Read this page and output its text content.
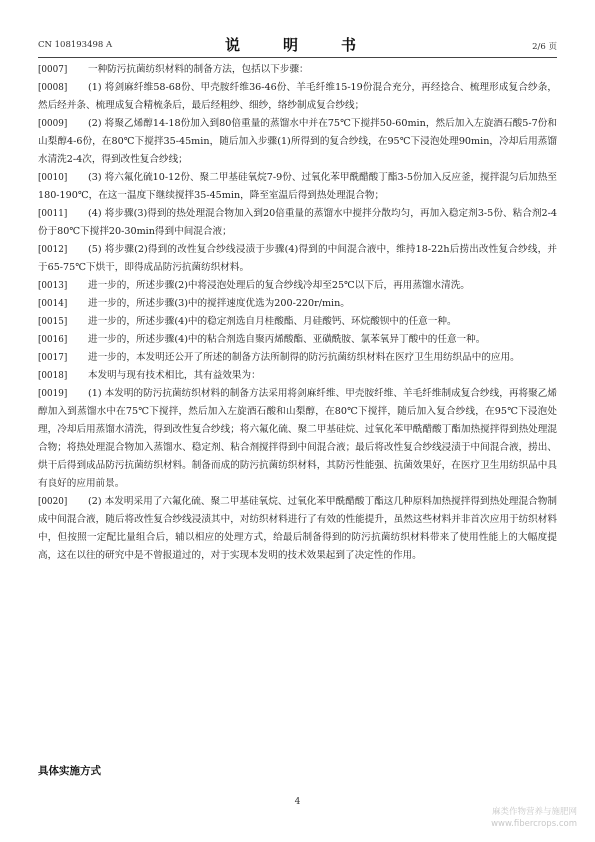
CN 108193498 A	说　明　书	2/6 页
[0007] 一种防污抗菌纺织材料的制备方法，包括以下步骤：
[0008] (1) 将剑麻纤维58-68份、甲壳胺纤维36-46份、羊毛纤维15-19份混合充分，再经捻合、梳理形成复合纱条，然后经并条、梳理成复合精梳条后，最后经粗纱、细纱，络纱制成复合纱线；
[0009] (2) 将聚乙烯醇14-18份加入到80倍重量的蒸馏水中并在75℃下搅拌50-60min，然后加入左旋酒石酸5-7份和山梨醇4-6份，在80℃下搅拌35-45min，随后加入步骤(1)所得到的复合纱线，在95℃下浸泡处理90min，冷却后用蒸馏水清洗2-4次，得到改性复合纱线；
[0010] (3) 将六氟化硫10-12份、聚二甲基硅氧烷7-9份、过氧化苯甲酰醋酸丁酯3-5份加入反应釜，搅拌混匀后加热至180-190℃，在这一温度下继续搅拌35-45min，降至室温后得到热处理混合物；
[0011] (4) 将步骤(3)得到的热处理混合物加入到20倍重量的蒸馏水中搅拌分散均匀，再加入稳定剂3-5份、粘合剂2-4份于80℃下搅拌20-30min得到中间混合液；
[0012] (5) 将步骤(2)得到的改性复合纱线浸渍于步骤(4)得到的中间混合液中，维持18-22h后捞出改性复合纱线，并于65-75℃下烘干，即得成品防污抗菌纺织材料。
[0013] 进一步的，所述步骤(2)中将浸泡处理后的复合纱线冷却至25℃以下后，再用蒸馏水清洗。
[0014] 进一步的，所述步骤(3)中的搅拌速度优选为200-220r/min。
[0015] 进一步的，所述步骤(4)中的稳定剂选自月桂酸酯、月硅酸钙、环烷酸钡中的任意一种。
[0016] 进一步的，所述步骤(4)中的粘合剂选自聚丙烯酸酯、亚磺酰胺、氯苯氧异丁酸中的任意一种。
[0017] 进一步的，本发明还公开了所述的制备方法所制得的防污抗菌纺织材料在医疗卫生用纺织品中的应用。
[0018] 本发明与现有技术相比，其有益效果为：
[0019] (1) 本发明的防污抗菌纺织材料的制备方法采用将剑麻纤维、甲壳胺纤维、羊毛纤维制成复合纱线，再将聚乙烯醇加入到蒸馏水中在75℃下搅拌，然后加入左旋酒石酸和山梨醇，在80℃下搅拌，随后加入复合纱线，在95℃下浸泡处理，冷却后用蒸馏水清洗，得到改性复合纱线；将六氟化硫、聚二甲基硅烷、过氧化苯甲酰醋酸丁酯加热搅拌得到热处理混合物；将热处理混合物加入蒸馏水、稳定剂、粘合剂搅拌得到中间混合液；最后将改性复合纱线浸渍于中间混合液，捞出、烘干后得到成品防污抗菌纺织材料。制备而成的防污抗菌纺织材料，其防污性能强、抗菌效果好，在医疗卫生用纺织品中具有良好的应用前景。
[0020] (2) 本发明采用了六氟化硫、聚二甲基硅氧烷、过氧化苯甲酰醋酸丁酯这几种原料加热搅拌得到热处理混合物制成中间混合液，随后将改性复合纱线浸渍其中，对纺织材料进行了有效的性能提升，虽然这些材料并非首次应用于纺织材料中，但按照一定配比量组合后，辅以相应的处理方式，给最后制备得到的防污抗菌纺织材料带来了使用性能上的大幅度提高，这在以往的研究中是不曾报道过的，对于实现本发明的技术效果起到了决定性的作用。
具体实施方式
4
麻类作物营养与施肥网
www.fibercrops.com
